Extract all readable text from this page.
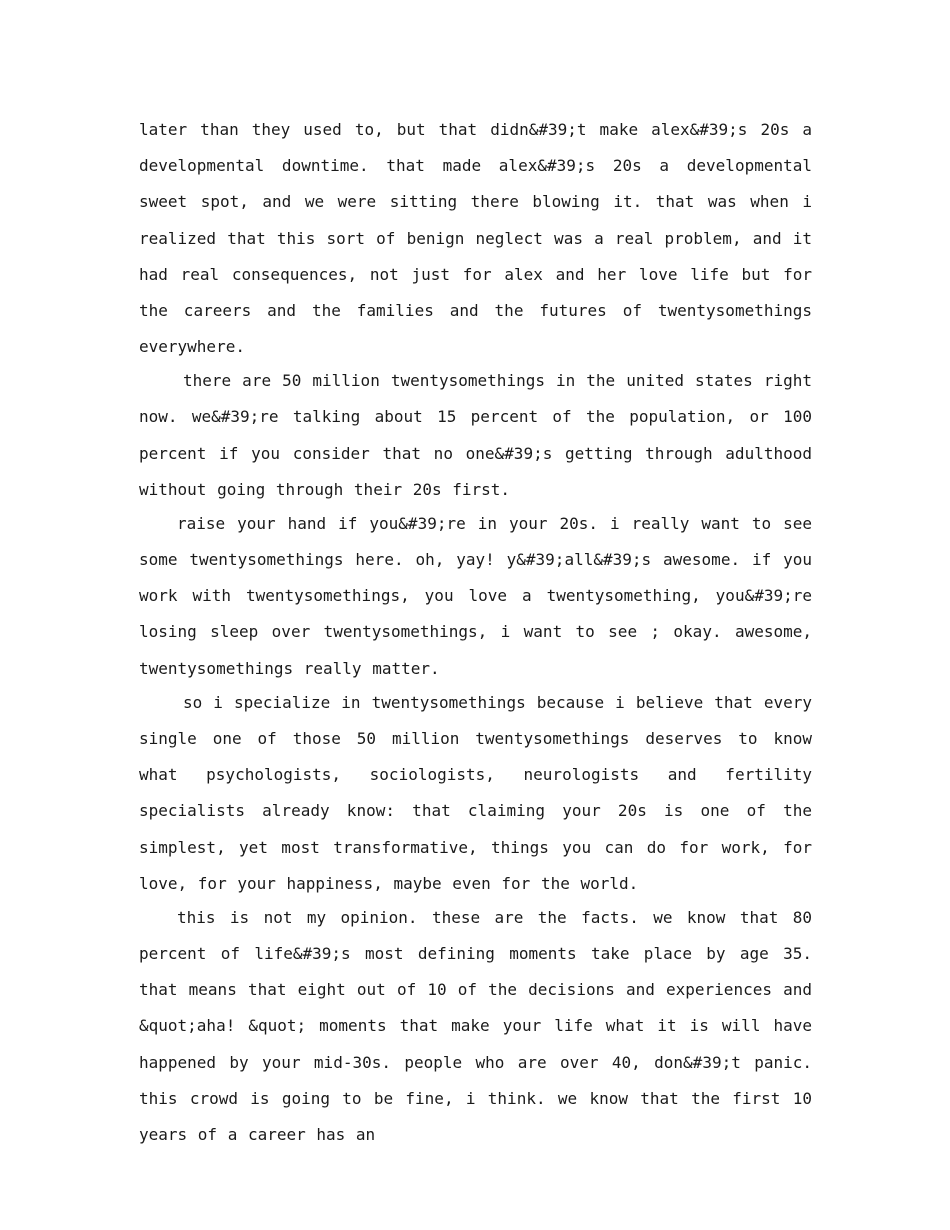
later than they used to, but that didn&#39;t make alex&#39;s 20s a developmental downtime. that made alex&#39;s 20s a developmental sweet spot, and we were sitting there blowing it. that was when i realized that this sort of benign neglect was a real problem, and it had real consequences, not just for alex and her love life but for the careers and the families and the futures of twentysomethings everywhere.

there are 50 million twentysomethings in the united states right now. we&#39;re talking about 15 percent of the population, or 100 percent if you consider that no one&#39;s getting through adulthood without going through their 20s first.

raise your hand if you&#39;re in your 20s. i really want to see some twentysomethings here. oh, yay! y&#39;all&#39;s awesome. if you work with twentysomethings, you love a twentysomething, you&#39;re losing sleep over twentysomethings, i want to see ; okay. awesome, twentysomethings really matter.

so i specialize in twentysomethings because i believe that every single one of those 50 million twentysomethings deserves to know what psychologists, sociologists, neurologists and fertility specialists already know: that claiming your 20s is one of the simplest, yet most transformative, things you can do for work, for love, for your happiness, maybe even for the world.

this is not my opinion. these are the facts. we know that 80 percent of life&#39;s most defining moments take place by age 35. that means that eight out of 10 of the decisions and experiences and &quot;aha! &quot; moments that make your life what it is will have happened by your mid-30s. people who are over 40, don&#39;t panic. this crowd is going to be fine, i think. we know that the first 10 years of a career has an
